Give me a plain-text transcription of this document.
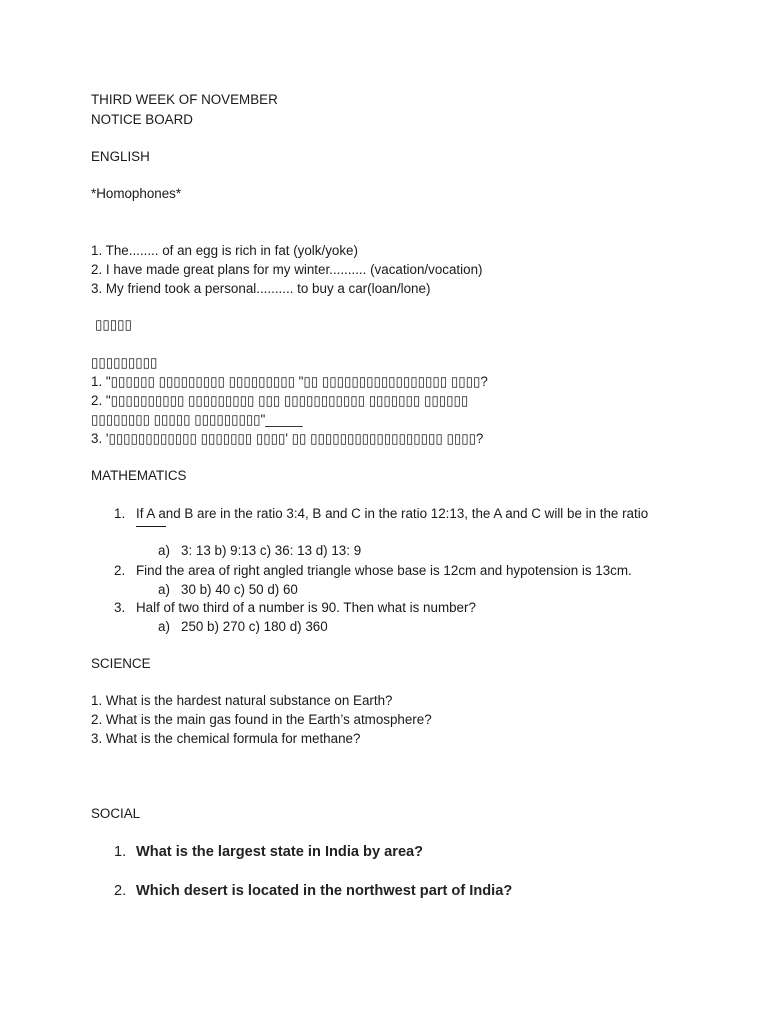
THIRD WEEK OF NOVEMBER
NOTICE BOARD
ENGLISH
*Homophones*
1. The........ of an egg is rich in fat (yolk/yoke)
2. I have made great plans for my winter.......... (vacation/vocation)
3. My friend took a personal.......... to buy a car(loan/lone)
▯▯▯▯▯
▯▯▯▯▯▯▯▯▯
1. "▯▯▯▯▯▯ ▯▯▯▯▯▯▯▯▯ ▯▯▯▯▯▯▯▯▯ "▯▯ ▯▯▯▯▯▯▯▯▯▯▯▯▯▯▯▯▯ ▯▯▯▯?
2. "▯▯▯▯▯▯▯▯▯▯ ▯▯▯▯▯▯▯▯▯ ▯▯▯ ▯▯▯▯▯▯▯▯▯▯▯ ▯▯▯▯▯▯▯ ▯▯▯▯▯▯
▯▯▯▯▯▯▯▯ ▯▯▯▯▯ ▯▯▯▯▯▯▯▯▯"_____
3. '▯▯▯▯▯▯▯▯▯▯▯▯ ▯▯▯▯▯▯▯ ▯▯▯▯' ▯▯ ▯▯▯▯▯▯▯▯▯▯▯▯▯▯▯▯▯▯ ▯▯▯▯?
MATHEMATICS
1. If A and B are in the ratio 3:4, B and C in the ratio 12:13, the A and C will be in the ratio
a) 3: 13 b) 9:13 c) 36: 13 d) 13: 9
2. Find the area of right angled triangle whose base is 12cm and hypotension is 13cm.
a) 30 b) 40 c) 50 d) 60
3. Half of two third of a number is 90. Then what is number?
a) 250 b) 270 c) 180 d) 360
SCIENCE
1. What is the hardest natural substance on Earth?
2. What is the main gas found in the Earth’s atmosphere?
3. What is the chemical formula for methane?
SOCIAL
1. What is the largest state in India by area?
2. Which desert is located in the northwest part of India?
